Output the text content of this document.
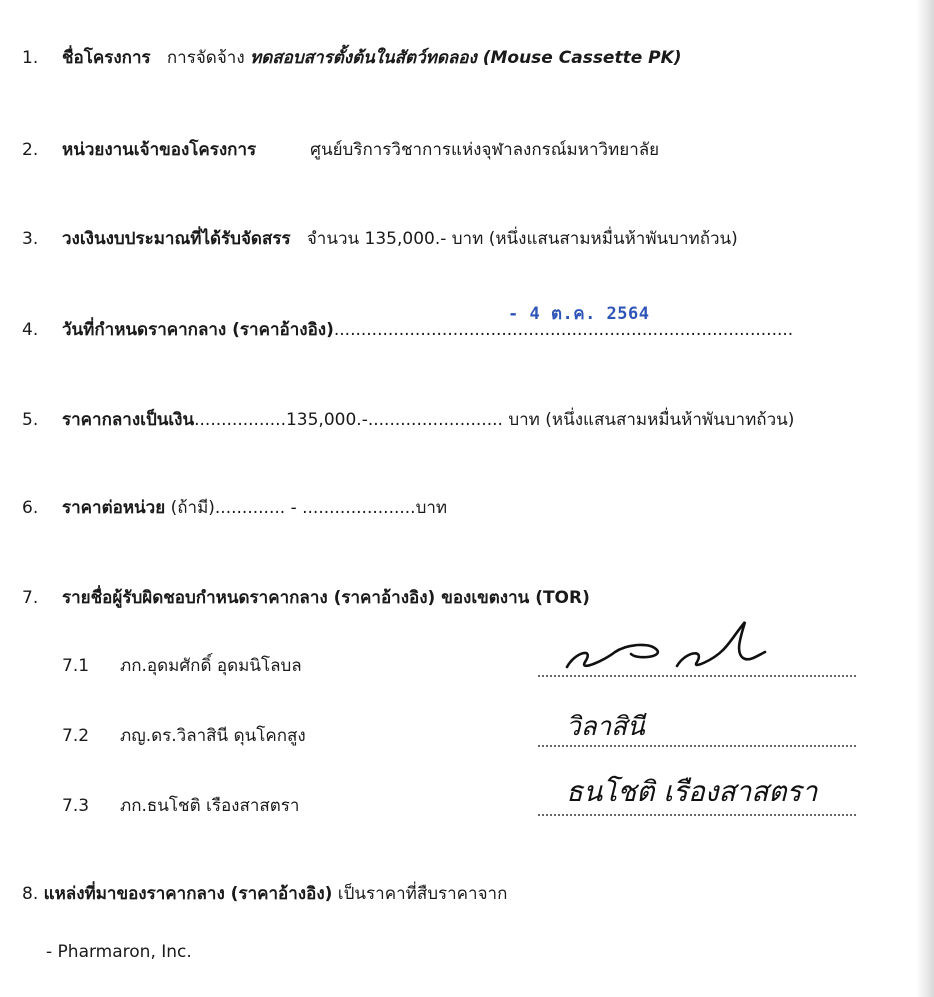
1. ชื่อโครงการ การจัดจ้าง ทดสอบสารตั้งต้นในสัตว์ทดลอง (Mouse Cassette PK)
2. หน่วยงานเจ้าของโครงการ	ศูนย์บริการวิชาการแห่งจุฬาลงกรณ์มหาวิทยาลัย
3. วงเงินงบประมาณที่ได้รับจัดสรร จำนวน 135,000.- บาท (หนึ่งแสนสามหมื่นห้าพันบาทถ้วน)
4. วันที่กำหนดราคากลาง (ราคาอ้างอิง).....................................................................................
- 4 ต.ค. 2564
5. ราคากลางเป็นเงิน.................135,000.-......................... บาท (หนึ่งแสนสามหมื่นห้าพันบาทถ้วน)
6. ราคาต่อหน่วย (ถ้ามี)............. - .....................บาท
7. รายชื่อผู้รับผิดชอบกำหนดราคากลาง (ราคาอ้างอิง) ของเขตงาน (TOR)
7.1 ภก.อุดมศักดิ์ อุดมนิโลบล
7.2 ภญ.ดร.วิลาสินี ดุนโคกสูง	วิลาสินี
7.3 ภก.ธนโชติ เรืองสาสตรา	ธนโชติ เรืองสาสตรา
8. แหล่งที่มาของราคากลาง (ราคาอ้างอิง) เป็นราคาที่สืบราคาจาก
- Pharmaron, Inc.
